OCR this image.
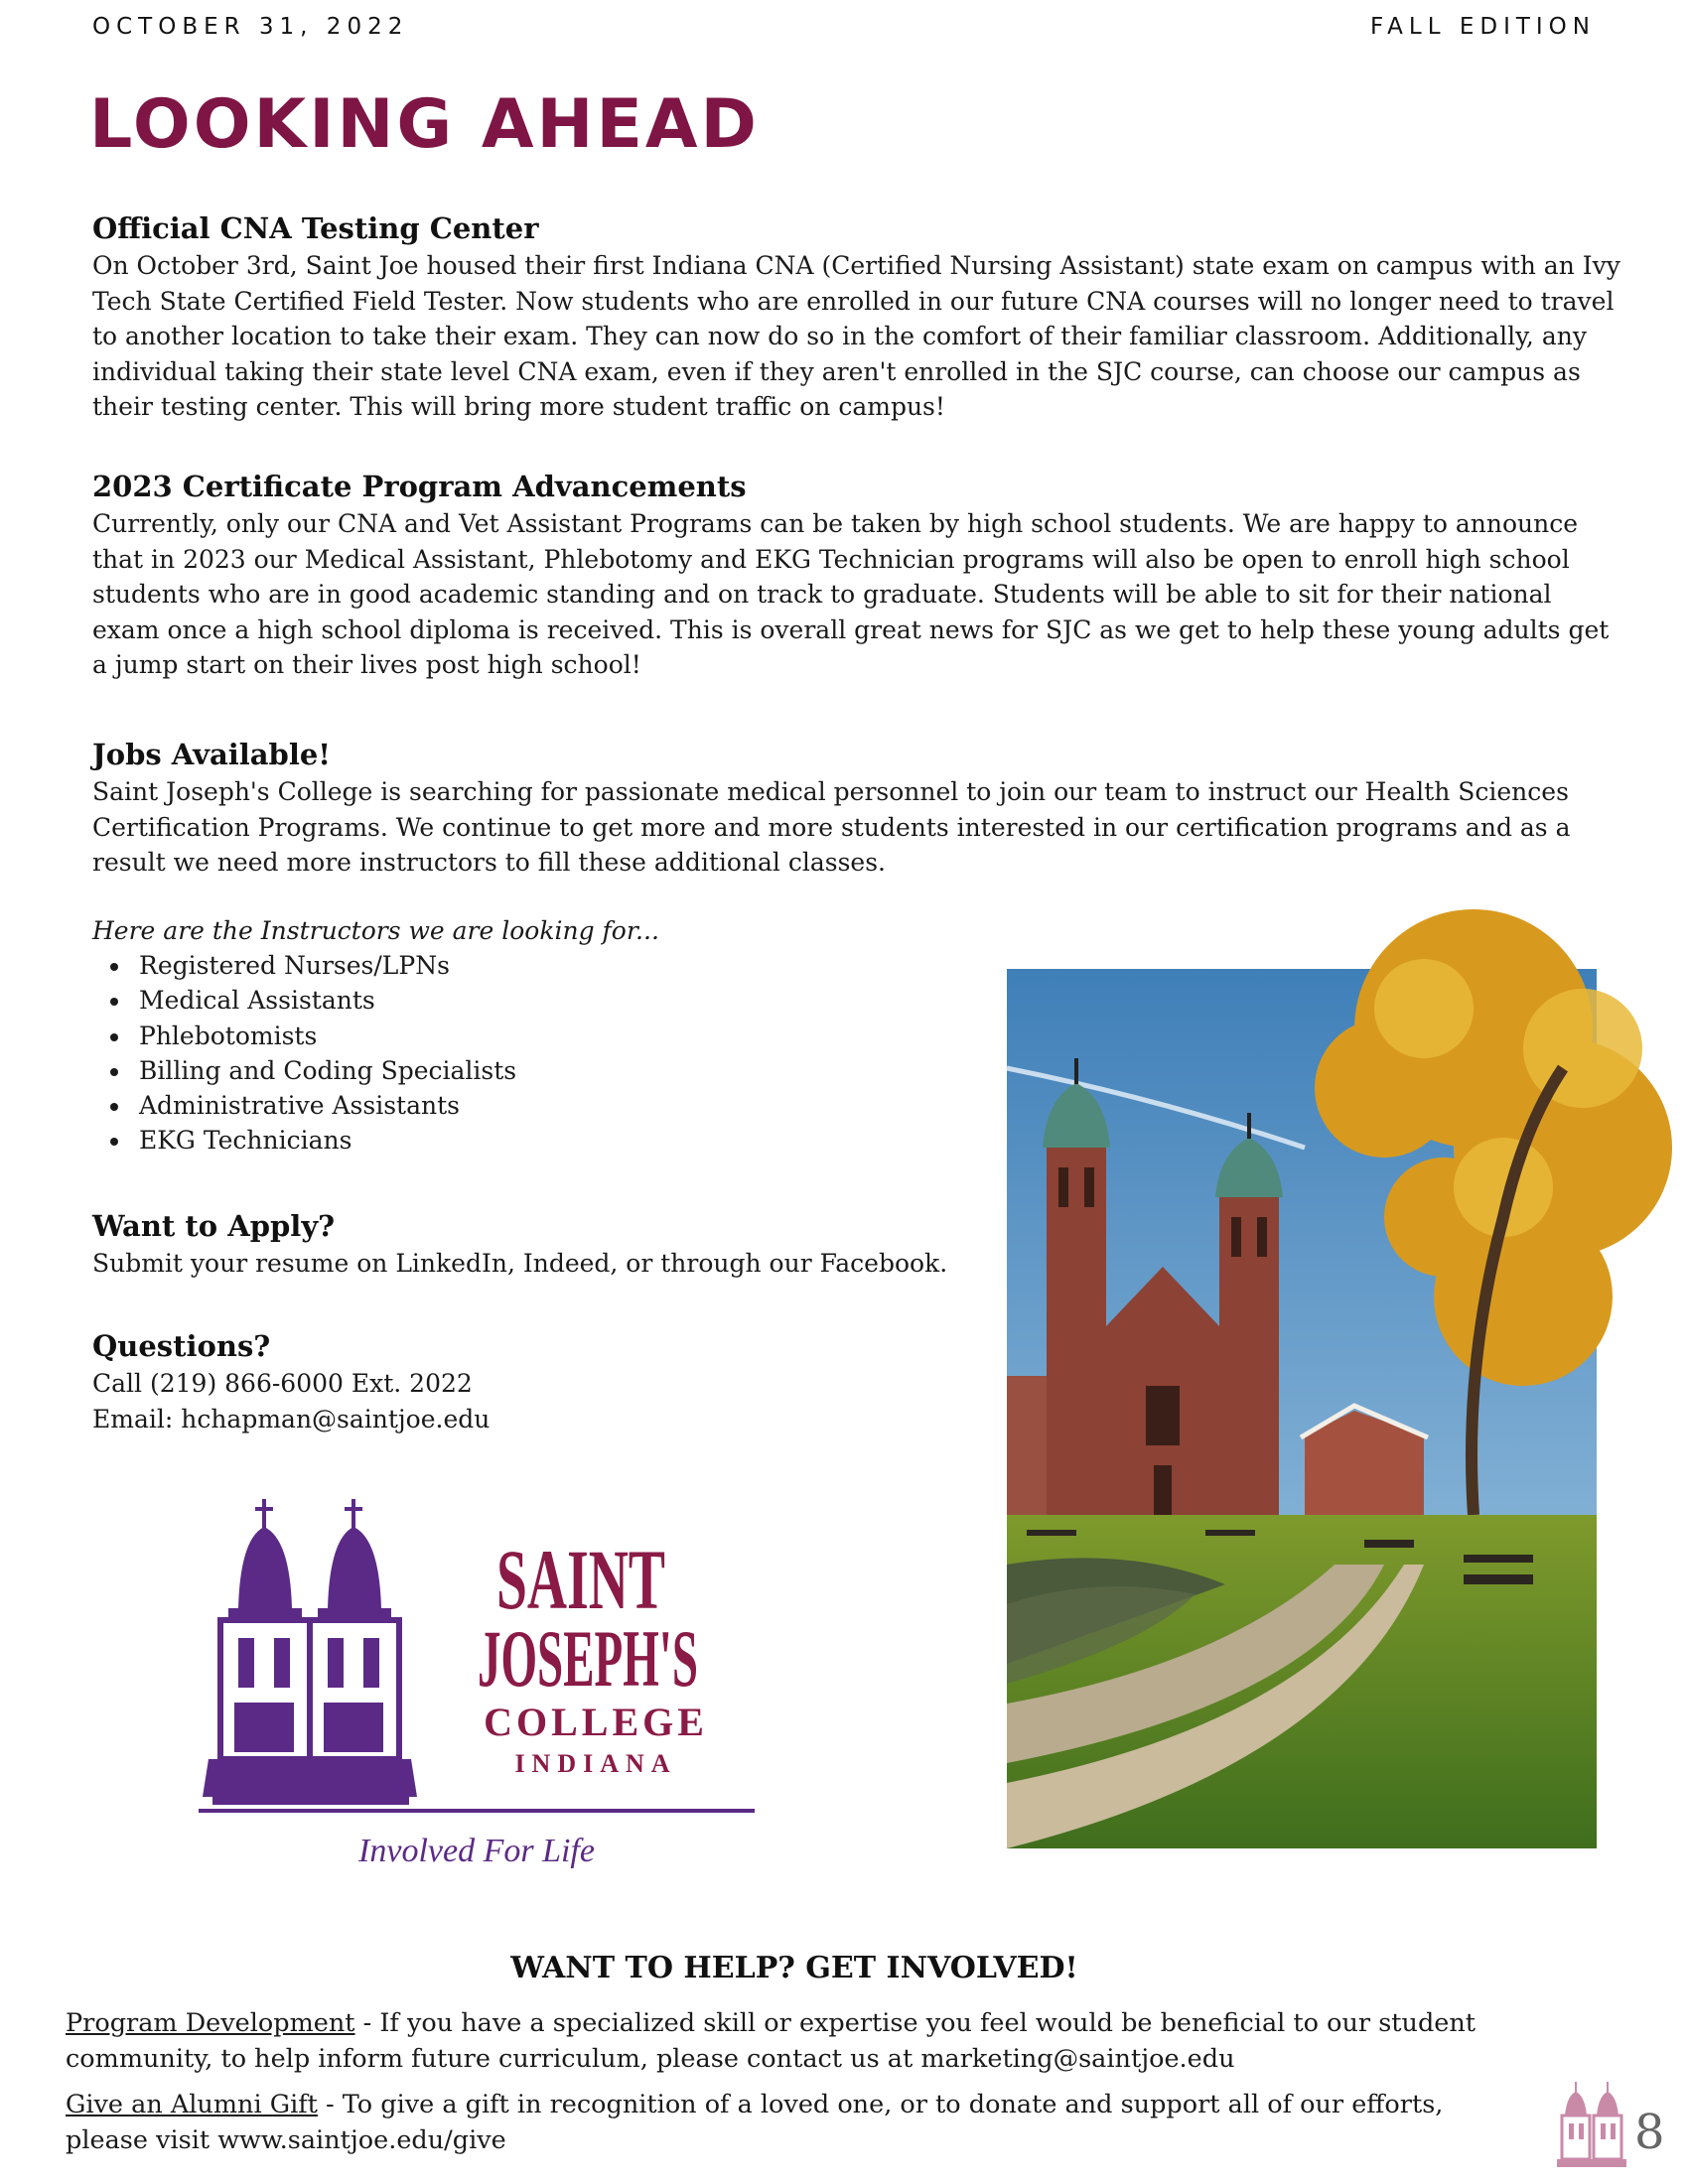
OCTOBER 31, 2022	FALL EDITION
LOOKING AHEAD
Official CNA Testing Center
On October 3rd, Saint Joe housed their first Indiana CNA (Certified Nursing Assistant) state exam on campus with an Ivy Tech State Certified Field Tester. Now students who are enrolled in our future CNA courses will no longer need to travel to another location to take their exam. They can now do so in the comfort of their familiar classroom. Additionally, any individual taking their state level CNA exam, even if they aren't enrolled in the SJC course, can choose our campus as their testing center. This will bring more student traffic on campus!
2023 Certificate Program Advancements
Currently, only our CNA and Vet Assistant Programs can be taken by high school students. We are happy to announce that in 2023 our Medical Assistant, Phlebotomy and EKG Technician programs will also be open to enroll high school students who are in good academic standing and on track to graduate. Students will be able to sit for their national exam once a high school diploma is received. This is overall great news for SJC as we get to help these young adults get a jump start on their lives post high school!
Jobs Available!
Saint Joseph's College is searching for passionate medical personnel to join our team to instruct our Health Sciences Certification Programs. We continue to get more and more students interested in our certification programs and as a result we need more instructors to fill these additional classes.
Here are the Instructors we are looking for...
Registered Nurses/LPNs
Medical Assistants
Phlebotomists
Billing and Coding Specialists
Administrative Assistants
EKG Technicians
Want to Apply?
Submit your resume on LinkedIn, Indeed, or through our Facebook.
Questions?
Call (219) 866-6000 Ext. 2022
Email: hchapman@saintjoe.edu
SAINT
JOSEPH'S
COLLEGE
INDIANA
Involved For Life
WANT TO HELP? GET INVOLVED!
Program Development - If you have a specialized skill or expertise you feel would be beneficial to our student community, to help inform future curriculum, please contact us at marketing@saintjoe.edu
Give an Alumni Gift - To give a gift in recognition of a loved one, or to donate and support all of our efforts, please visit www.saintjoe.edu/give	8
